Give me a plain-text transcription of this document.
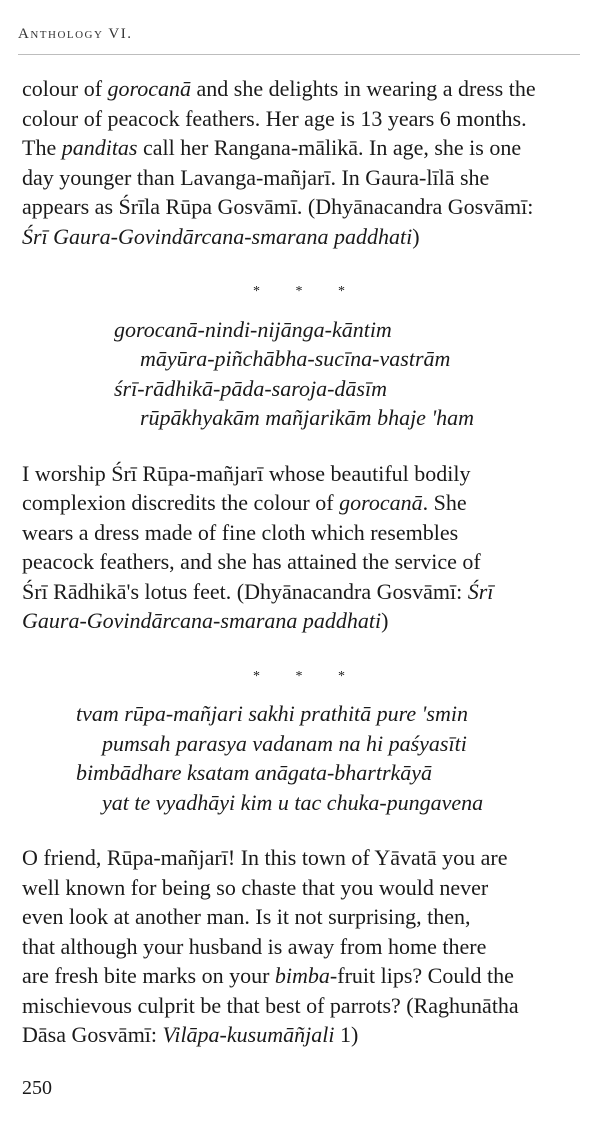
Anthology VI.

colour of gorocanā and she delights in wearing a dress the
colour of peacock feathers. Her age is 13 years 6 months.
The panditas call her Rangana-mālikā. In age, she is one
day younger than Lavanga-mañjarī. In Gaura-līlā she
appears as Śrīla Rūpa Gosvāmī. (Dhyānacandra Gosvāmī:
Śrī Gaura-Govindārcana-smarana paddhati)

* * *
gorocanā-nindi-nijānga-kāntim
māyūra-piñchābha-sucīna-vastrām
śrī-rādhikā-pāda-saroja-dāsīm
rūpākhyakām mañjarikām bhaje 'ham

I worship Śrī Rūpa-mañjarī whose beautiful bodily
complexion discredits the colour of gorocanā. She
wears a dress made of fine cloth which resembles
peacock feathers, and she has attained the service of
Śrī Rādhikā's lotus feet. (Dhyānacandra Gosvāmī: Śrī
Gaura-Govindārcana-smarana paddhati)

* * *
tvam rūpa-mañjari sakhi prathitā pure 'smin
pumsah parasya vadanam na hi paśyasīti
bimbādhare ksatam anāgata-bhartrkāyā
yat te vyadhāyi kim u tac chuka-pungavena

O friend, Rūpa-mañjarī! In this town of Yāvatā you are
well known for being so chaste that you would never
even look at another man. Is it not surprising, then,
that although your husband is away from home there
are fresh bite marks on your bimba-fruit lips? Could the
mischievous culprit be that best of parrots? (Raghunātha
Dāsa Gosvāmī: Vilāpa-kusumāñjali 1)

250
